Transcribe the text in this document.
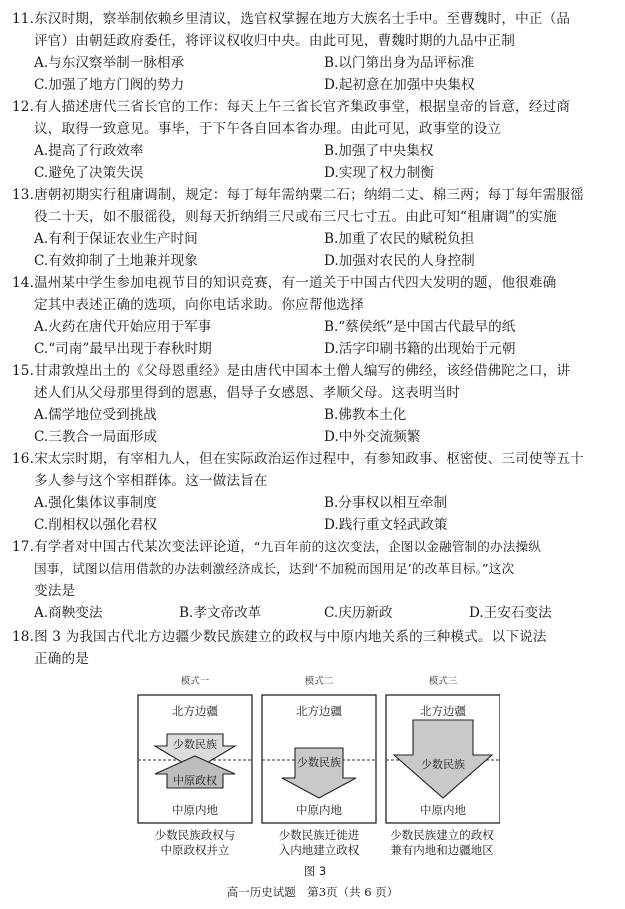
11.东汉时期，察举制依赖乡里清议，选官权掌握在地方大族名士手中。至曹魏时，中正（品
评官）由朝廷政府委任，将评议权收归中央。由此可见，曹魏时期的九品中正制
A.与东汉察举制一脉相承	B.以门第出身为品评标准
C.加强了地方门阀的势力	D.起初意在加强中央集权
12.有人描述唐代三省长官的工作：每天上午三省长官齐集政事堂，根据皇帝的旨意，经过商
议，取得一致意见。事毕，于下午各自回本省办理。由此可见，政事堂的设立
A.提高了行政效率	B.加强了中央集权
C.避免了决策失误	D.实现了权力制衡
13.唐朝初期实行租庸调制，规定：每丁每年需纳粟二石；纳绢二丈、棉三两；每丁每年需服徭
役二十天，如不服徭役，则每天折纳绢三尺或布三尺七寸五。由此可知“租庸调”的实施
A.有利于保证农业生产时间	B.加重了农民的赋税负担
C.有效抑制了土地兼并现象	D.加强对农民的人身控制
14.温州某中学生参加电视节目的知识竞赛，有一道关于中国古代四大发明的题，他很难确
定其中表述正确的选项，向你电话求助。你应帮他选择
A.火药在唐代开始应用于军事	B.“蔡侯纸”是中国古代最早的纸
C.“司南”最早出现于春秋时期	D.活字印刷书籍的出现始于元朝
15.甘肃敦煌出土的《父母恩重经》是由唐代中国本土僧人编写的佛经，该经借佛陀之口，讲
述人们从父母那里得到的恩惠，倡导子女感恩、孝顺父母。这表明当时
A.儒学地位受到挑战	B.佛教本土化
C.三教合一局面形成	D.中外交流频繁
16.宋太宗时期，有宰相九人，但在实际政治运作过程中，有参知政事、枢密使、三司使等五十
多人参与这个宰相群体。这一做法旨在
A.强化集体议事制度	B.分事权以相互牵制
C.削相权以强化君权	D.践行重文轻武政策
17.有学者对中国古代某次变法评论道，“九百年前的这次变法，企图以金融管制的办法操纵
国事，试图以信用借款的办法刺激经济成长，达到‘不加税而国用足’的改革目标。”这次
变法是
A.商鞅变法	B.孝文帝改革	C.庆历新政	D.王安石变法
18.图 3 为我国古代北方边疆少数民族建立的政权与中原内地关系的三种模式。以下说法
正确的是
模式一	模式二	模式三
北方边疆	北方边疆	北方边疆
少数民族
中原政权
少数民族	少数民族
中原内地	中原内地	中原内地
少数民族政权与
中原政权并立
少数民族迁徙进
入内地建立政权
少数民族建立的政权
兼有内地和边疆地区
图 3
高一历史试题　第3页（共 6 页）
